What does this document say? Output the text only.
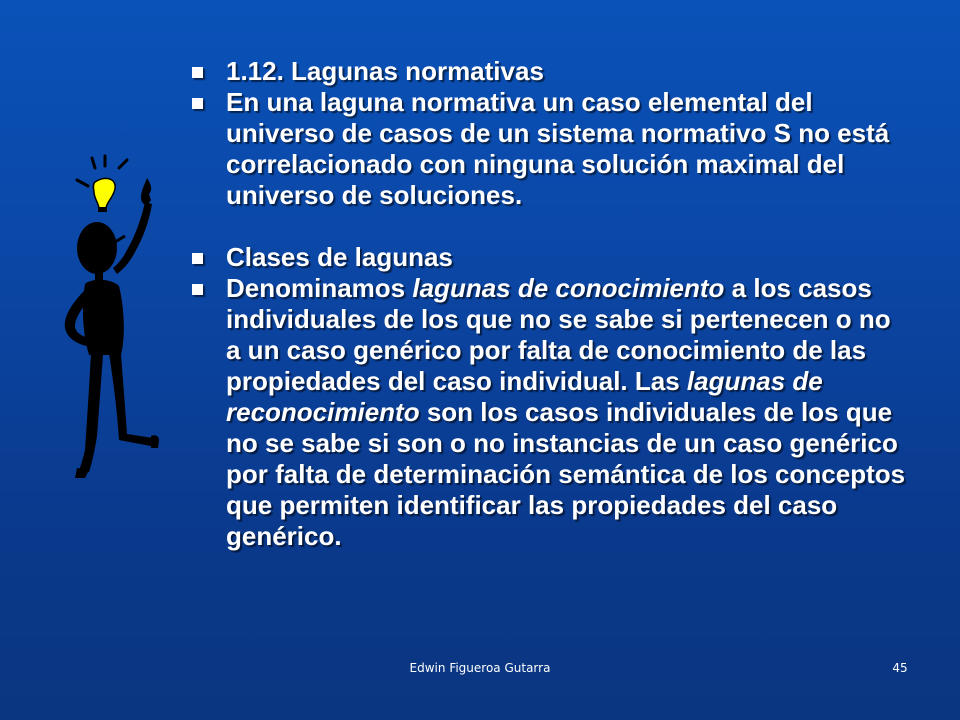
1.12. Lagunas normativas
En una laguna normativa un caso elemental del universo de casos de un sistema normativo S no está correlacionado con ninguna solución maximal del universo de soluciones.
Clases de lagunas
Denominamos lagunas de conocimiento a los casos individuales de los que no se sabe si pertenecen o no a un caso genérico por falta de conocimiento de las propiedades del caso individual. Las lagunas de reconocimiento son los casos individuales de los que no se sabe si son o no instancias de un caso genérico por falta de determinación semántica de los conceptos que permiten identificar las propiedades del caso genérico.
Edwin Figueroa Gutarra	45
